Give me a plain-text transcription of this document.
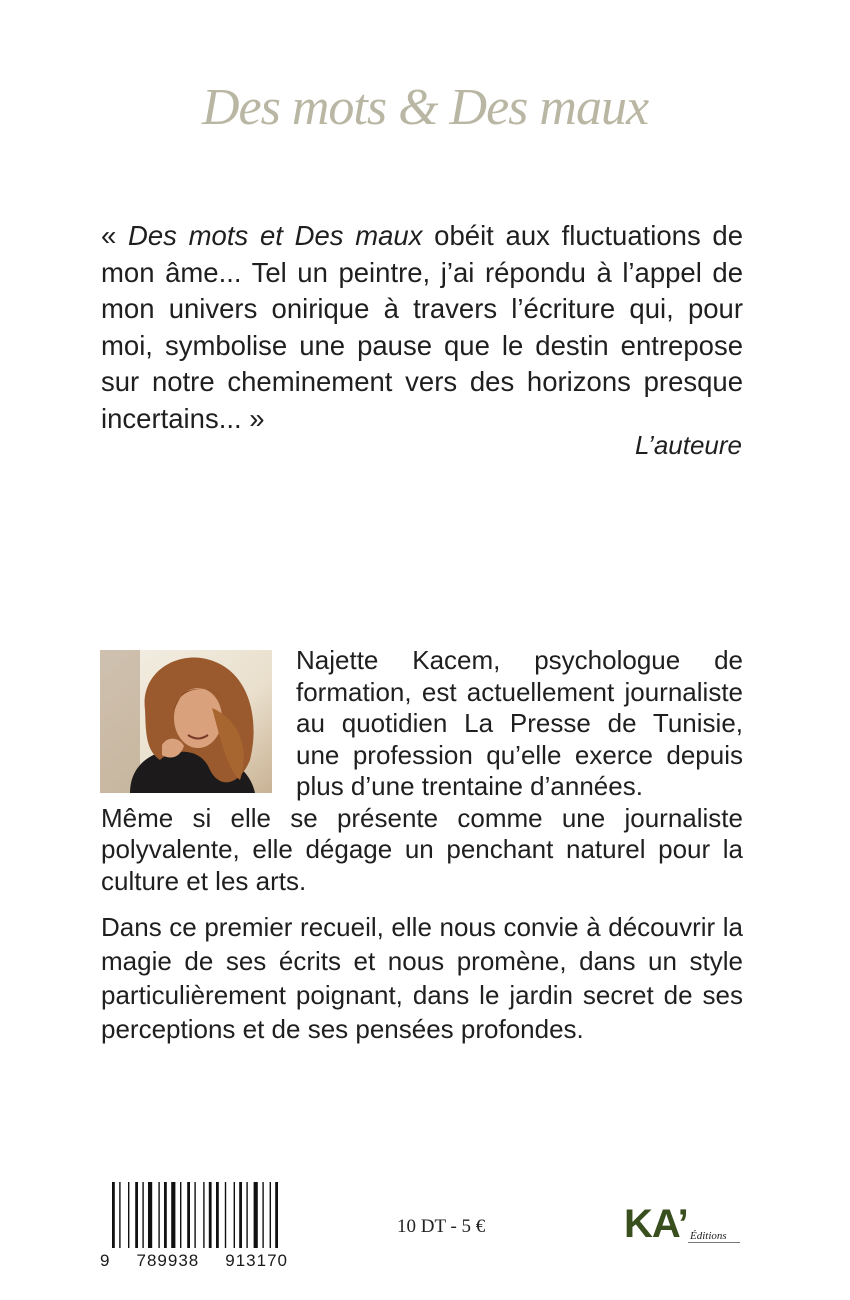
Des mots & Des maux
« Des mots et Des maux obéit aux fluctuations de mon âme... Tel un peintre, j’ai répondu à l’appel de mon univers onirique à travers l’écriture qui, pour moi, symbolise une pause que le destin entrepose sur notre cheminement vers des horizons presque incertains... »
L’auteure
Najette Kacem, psychologue de formation, est actuellement journaliste au quotidien La Presse de Tunisie, une profession qu’elle exerce depuis plus d’une trentaine d’années.
Même si elle se présente comme une journaliste polyvalente, elle dégage un penchant naturel pour la culture et les arts.
Dans ce premier recueil, elle nous convie à découvrir la magie de ses écrits et nous promène, dans un style particulièrement poignant, dans le jardin secret de ses perceptions et de ses pensées profondes.
9 789938 913170
10 DT - 5 €	KA’ Éditions
